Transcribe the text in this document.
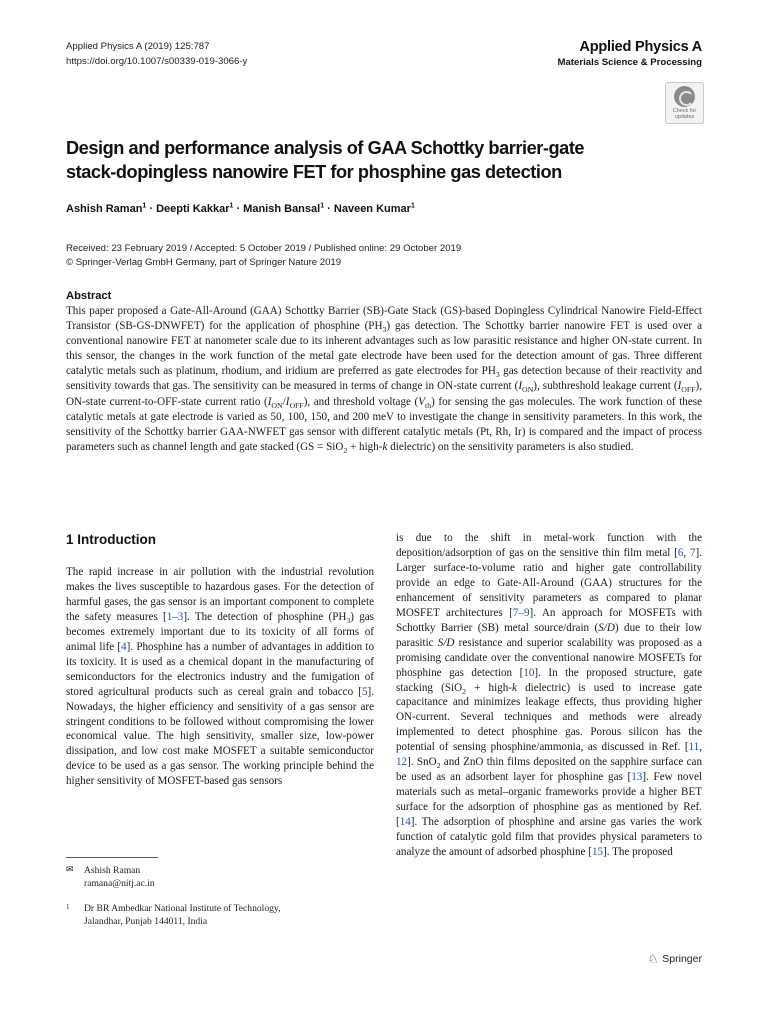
Applied Physics A (2019) 125:787
https://doi.org/10.1007/s00339-019-3066-y
Applied Physics A
Materials Science & Processing
Check for
updates
Design and performance analysis of GAA Schottky barrier-gate stack-dopingless nanowire FET for phosphine gas detection
Ashish Raman$^1$ · Deepti Kakkar$^1$ · Manish Bansal$^1$ · Naveen Kumar$^1$
Received: 23 February 2019 / Accepted: 5 October 2019 / Published online: 29 October 2019
© Springer-Verlag GmbH Germany, part of Springer Nature 2019
Abstract
This paper proposed a Gate-All-Around (GAA) Schottky Barrier (SB)-Gate Stack (GS)-based Dopingless Cylindrical Nanowire Field-Effect Transistor (SB-GS-DNWFET) for the application of phosphine $(PH_3)$ gas detection. The Schottky barrier nanowire FET is used over a conventional nanowire FET at nanometer scale due to its inherent advantages such as low parasitic resistance and higher ON-state current. In this sensor, the changes in the work function of the metal gate electrode have been used for the detection amount of gas. Three different catalytic metals such as platinum, rhodium, and iridium are preferred as gate electrodes for $PH_3$ gas detection because of their reactivity and sensitivity towards that gas. The sensitivity can be measured in terms of change in ON-state current $(I_{ON})$, subthreshold leakage current $(I_{OFF})$, ON-state current-to-OFF-state current ratio $(I_{ON}/I_{OFF})$, and threshold voltage $(V_{th})$ for sensing the gas molecules. The work function of these catalytic metals at gate electrode is varied as 50, 100, 150, and 200 meV to investigate the change in sensitivity parameters. In this work, the sensitivity of the Schottky barrier GAA-NWFET gas sensor with different catalytic metals (Pt, Rh, Ir) is compared and the impact of process parameters such as channel length and gate stacked (GS = SiO$_2$ + high-k dielectric) on the sensitivity parameters is also studied.
1 Introduction
The rapid increase in air pollution with the industrial revolution makes the lives susceptible to hazardous gases. For the detection of harmful gases, the gas sensor is an important component to complete the safety measures [1–3]. The detection of phosphine $(PH_3)$ gas becomes extremely important due to its toxicity of all forms of animal life [4]. Phosphine has a number of advantages in addition to its toxicity. It is used as a chemical dopant in the manufacturing of semiconductors for the electronics industry and the fumigation of stored agricultural products such as cereal grain and tobacco [5]. Nowadays, the higher efficiency and sensitivity of a gas sensor are stringent conditions to be followed without compromising the lower economical value. The high sensitivity, smaller size, low-power dissipation, and low cost make MOSFET a suitable semiconductor device to be used as a gas sensor. The working principle behind the higher sensitivity of MOSFET-based gas sensors
is due to the shift in metal-work function with the deposition/adsorption of gas on the sensitive thin film metal [6, 7]. Larger surface-to-volume ratio and higher gate controllability provide an edge to Gate-All-Around (GAA) structures for the enhancement of sensitivity parameters as compared to planar MOSFET architectures [7–9]. An approach for MOSFETs with Schottky Barrier (SB) metal source/drain (S/D) due to their low parasitic S/D resistance and superior scalability was proposed as a promising candidate over the conventional nanowire MOSFETs for phosphine gas detection [10]. In the proposed structure, gate stacking (SiO$_2$ + high-k dielectric) is used to increase gate capacitance and minimizes leakage effects, thus providing higher ON-current. Several techniques and methods were already implemented to detect phosphine gas. Porous silicon has the potential of sensing phosphine/ammonia, as discussed in Ref. [11, 12]. SnO$_2$ and ZnO thin films deposited on the sapphire surface can be used as an adsorbent layer for phosphine gas [13]. Few novel materials such as metal–organic frameworks provide a higher BET surface for the adsorption of phosphine gas as mentioned by Ref. [14]. The adsorption of phosphine and arsine gas varies the work function of catalytic gold film that provides physical parameters to analyze the amount of adsorbed phosphine [15]. The proposed
✉ Ashish Raman
ramana@nitj.ac.in
1 Dr BR Ambedkar National Institute of Technology,
Jalandhar, Punjab 144011, India
♘ Springer
